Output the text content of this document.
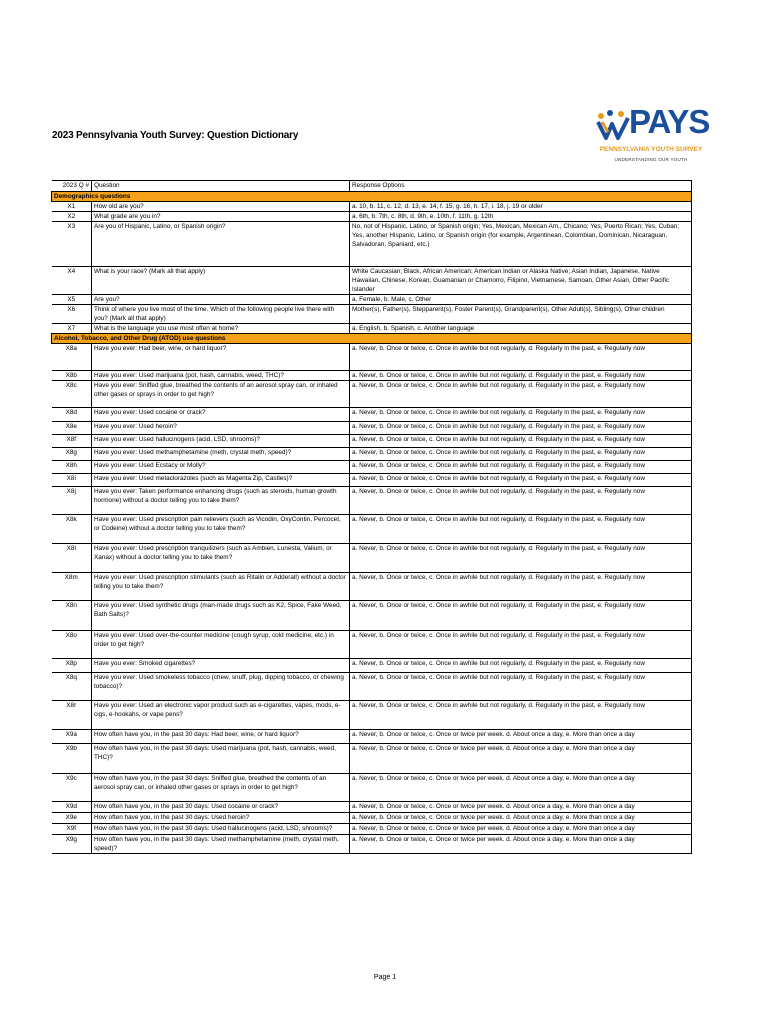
2023 Pennsylvania Youth Survey: Question Dictionary	PAYS
PENNSYLVANIA YOUTH SURVEY
UNDERSTANDING OUR YOUTH
2023 Q #	Question	Response Options
Demographics questions		
X1	How old are you?	a. 10, b. 11, c. 12, d. 13, e. 14, f. 15, g. 16, h. 17, i. 18, j. 19 or older
X2	What grade are you in?	a. 6th, b. 7th, c. 8th, d. 9th, e. 10th, f. 11th, g. 12th
X3	Are you of Hispanic, Latino, or Spanish origin?	No, not of Hispanic, Latino, or Spanish origin; Yes, Mexican, Mexican Am., Chicano; Yes, Puerto Rican; Yes, Cuban; Yes, another Hispanic, Latino, or Spanish origin (for example, Argentinean, Colombian, Dominican, Nicaraguan, Salvadoran, Spaniard, etc.)
X4	What is your race? (Mark all that apply)	White Caucasian; Black, African American; American Indian or Alaska Native; Asian Indian, Japanese, Native Hawaiian, Chinese, Korean, Guamanian or Chamorro, Filipino, Vietnamese, Samoan, Other Asian, Other Pacific Islander
X5	Are you?	a. Female, b. Male, c. Other
X6	Think of where you live most of the time. Which of the following people live there with you? (Mark all that apply)	Mother(s), Father(s), Stepparent(s), Foster Parent(s), Grandparent(s), Other Adult(s), Sibling(s), Other children
X7	What is the language you use most often at home?	a. English, b. Spanish, c. Another language
Alcohol, Tobacco, and Other Drug (ATOD) use questions		
X8a	Have you ever: Had beer, wine, or hard liquor?	a. Never, b. Once or twice, c. Once in awhile but not regularly, d. Regularly in the past, e. Regularly now
X8b	Have you ever: Used marijuana (pot, hash, cannabis, weed, THC)?	a. Never, b. Once or twice, c. Once in awhile but not regularly, d. Regularly in the past, e. Regularly now
X8c	Have you ever: Sniffed glue, breathed the contents of an aerosol spray can, or inhaled other gases or sprays in order to get high?	a. Never, b. Once or twice, c. Once in awhile but not regularly, d. Regularly in the past, e. Regularly now
X8d	Have you ever: Used cocaine or crack?	a. Never, b. Once or twice, c. Once in awhile but not regularly, d. Regularly in the past, e. Regularly now
X8e	Have you ever: Used heroin?	a. Never, b. Once or twice, c. Once in awhile but not regularly, d. Regularly in the past, e. Regularly now
X8f	Have you ever: Used hallucinogens (acid, LSD, shrooms)?	a. Never, b. Once or twice, c. Once in awhile but not regularly, d. Regularly in the past, e. Regularly now
X8g	Have you ever: Used methamphetamine (meth, crystal meth, speed)?	a. Never, b. Once or twice, c. Once in awhile but not regularly, d. Regularly in the past, e. Regularly now
X8h	Have you ever: Used Ecstacy or Molly?	a. Never, b. Once or twice, c. Once in awhile but not regularly, d. Regularly in the past, e. Regularly now
X8i	Have you ever: Used metaclorazoles (such as Magenta Zip, Castles)?	a. Never, b. Once or twice, c. Once in awhile but not regularly, d. Regularly in the past, e. Regularly now
X8j	Have you ever: Taken performance enhancing drugs (such as steroids, human growth hormone) without a doctor telling you to take them?	a. Never, b. Once or twice, c. Once in awhile but not regularly, d. Regularly in the past, e. Regularly now
X8k	Have you ever: Used prescription pain relievers (such as Vicodin, OxyContin, Percocet, or Codeine) without a doctor telling you to take them?	a. Never, b. Once or twice, c. Once in awhile but not regularly, d. Regularly in the past, e. Regularly now
X8l	Have you ever: Used prescription tranquilizers (such as Ambien, Lunesta, Valium, or Xanax) without a doctor telling you to take them?	a. Never, b. Once or twice, c. Once in awhile but not regularly, d. Regularly in the past, e. Regularly now
X8m	Have you ever: Used prescription stimulants (such as Ritalin or Adderall) without a doctor telling you to take them?	a. Never, b. Once or twice, c. Once in awhile but not regularly, d. Regularly in the past, e. Regularly now
X8n	Have you ever: Used synthetic drugs (man-made drugs such as K2, Spice, Fake Weed, Bath Salts)?	a. Never, b. Once or twice, c. Once in awhile but not regularly, d. Regularly in the past, e. Regularly now
X8o	Have you ever: Used over-the-counter medicine (cough syrup, cold medicine, etc.) in order to get high?	a. Never, b. Once or twice, c. Once in awhile but not regularly, d. Regularly in the past, e. Regularly now
X8p	Have you ever: Smoked cigarettes?	a. Never, b. Once or twice, c. Once in awhile but not regularly, d. Regularly in the past, e. Regularly now
X8q	Have you ever: Used smokeless tobacco (chew, snuff, plug, dipping tobacco, or chewing tobacco)?	a. Never, b. Once or twice, c. Once in awhile but not regularly, d. Regularly in the past, e. Regularly now
X8r	Have you ever: Used an electronic vapor product such as e-cigarettes, vapes, mods, e-cigs, e-hookahs, or vape pens?	a. Never, b. Once or twice, c. Once in awhile but not regularly, d. Regularly in the past, e. Regularly now
X9a	How often have you, in the past 30 days: Had beer, wine, or hard liquor?	a. Never, b. Once or twice, c. Once or twice per week. d. About once a day, e. More than once a day
X9b	How often have you, in the past 30 days: Used marijuana (pot, hash, cannabis, weed, THC)?	a. Never, b. Once or twice, c. Once or twice per week. d. About once a day, e. More than once a day
X9c	How often have you, in the past 30 days: Sniffed glue, breathed the contents of an aerosol spray can, or inhaled other gases or sprays in order to get high?	a. Never, b. Once or twice, c. Once or twice per week. d. About once a day, e. More than once a day
X9d	How often have you, in the past 30 days: Used cocaine or crack?	a. Never, b. Once or twice, c. Once or twice per week. d. About once a day, e. More than once a day
X9e	How often have you, in the past 30 days: Used heroin?	a. Never, b. Once or twice, c. Once or twice per week. d. About once a day, e. More than once a day
X9f	How often have you, in the past 30 days: Used hallucinogens (acid, LSD, shrooms)?	a. Never, b. Once or twice, c. Once or twice per week. d. About once a day, e. More than once a day
X9g	How often have you, in the past 30 days: Used methamphetamine (meth, crystal meth, speed)?	a. Never, b. Once or twice, c. Once or twice per week. d. About once a day, e. More than once a day
Page 1
